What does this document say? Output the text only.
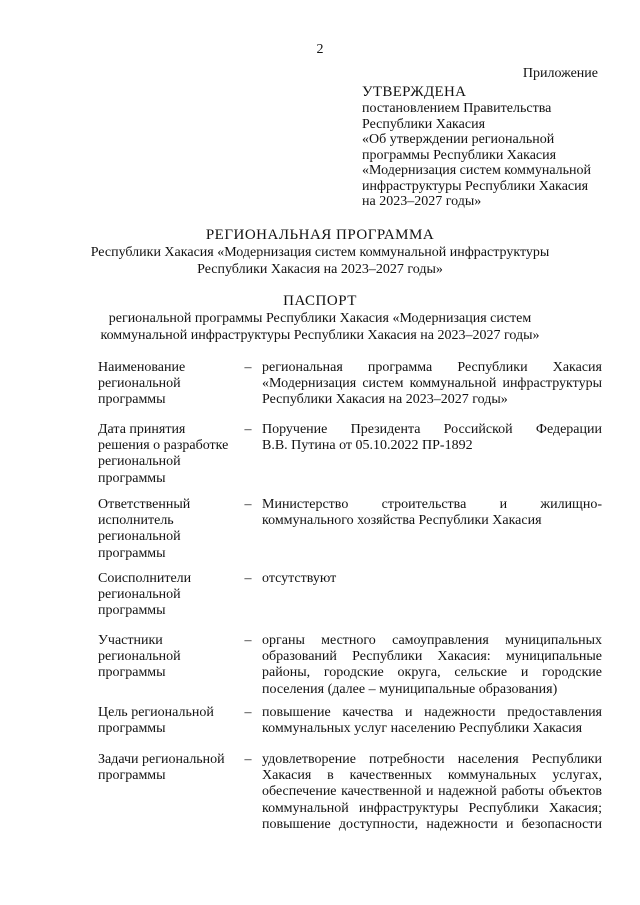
2
Приложение
УТВЕРЖДЕНА
постановлением Правительства
Республики Хакасия
«Об утверждении региональной
программы Республики Хакасия
«Модернизация систем коммунальной
инфраструктуры Республики Хакасия
на 2023–2027 годы»
РЕГИОНАЛЬНАЯ ПРОГРАММА
Республики Хакасия «Модернизация систем коммунальной инфраструктуры
Республики Хакасия на 2023–2027 годы»
ПАСПОРТ
региональной программы Республики Хакасия «Модернизация систем
коммунальной инфраструктуры Республики Хакасия на 2023–2027 годы»
Наименование
региональной
программы
– региональная программа Республики Хакасия
«Модернизация систем коммунальной инфраструктуры
Республики Хакасия на 2023–2027 годы»
Дата принятия
решения о разработке
региональной
программы
– Поручение Президента Российской Федерации
В.В. Путина от 05.10.2022 ПР-1892
Ответственный
исполнитель
региональной
программы
– Министерство строительства и жилищно-
коммунального хозяйства Республики Хакасия
Соисполнители
региональной
программы
– отсутствуют
Участники
региональной
программы
– органы местного самоуправления муниципальных
образований Республики Хакасия: муниципальные
районы, городские округа, сельские и городские
поселения (далее – муниципальные образования)
Цель региональной
программы
– повышение качества и надежности предоставления
коммунальных услуг населению Республики Хакасия
Задачи региональной
программы
– удовлетворение потребности населения Республики
Хакасия в качественных коммунальных услугах,
обеспечение качественной и надежной работы объектов
коммунальной инфраструктуры Республики Хакасия;
повышение доступности, надежности и безопасности
